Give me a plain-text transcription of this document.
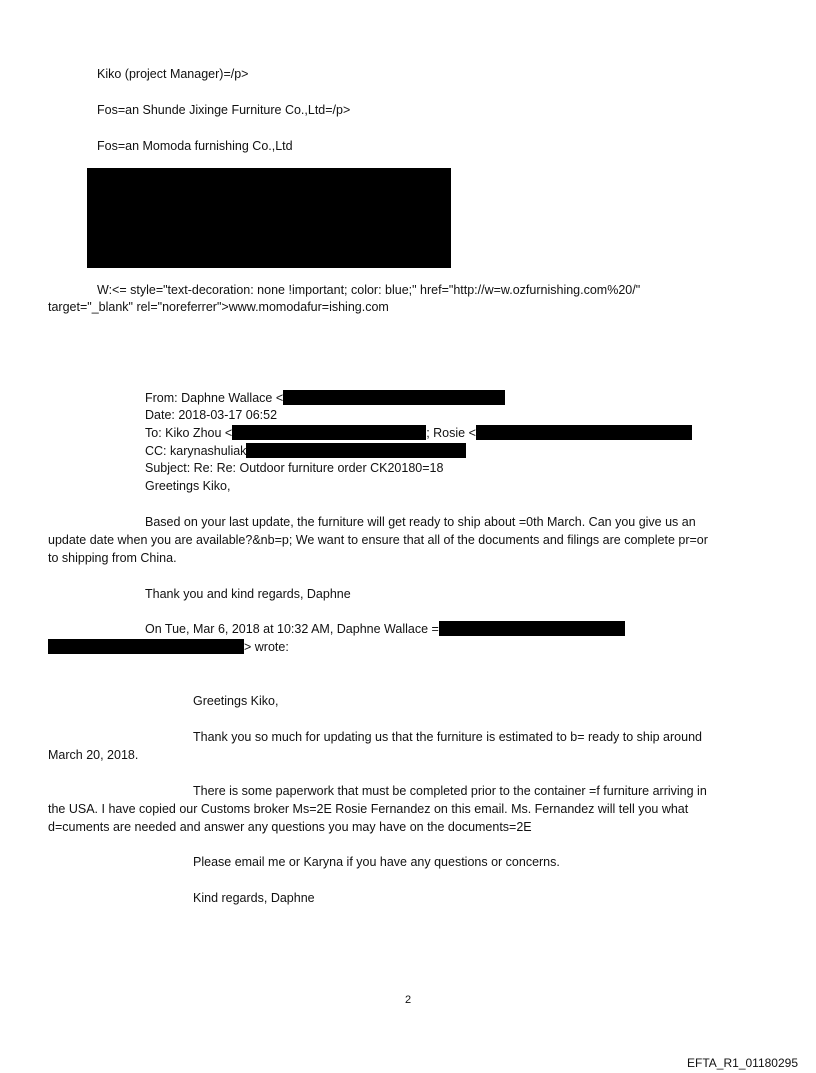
Kiko (project Manager)=/p>
Fos=an Shunde Jixinge Furniture Co.,Ltd=/p>
Fos=an Momoda furnishing Co.,Ltd
W:<= style="text-decoration: none !important; color: blue;" href="http://w=w.ozfurnishing.com%20/"
target="_blank" rel="noreferrer">www.momodafur=ishing.com
From: Daphne Wallace <
Date: 2018-03-17 06:52
To: Kiko Zhou <	; Rosie <
CC: karynashuliak
Subject: Re: Re: Outdoor furniture order CK20180=18
Greetings Kiko,
Based on your last update, the furniture will get ready to ship about =0th March. Can you give us an
update date when you are available?&nb=p; We want to ensure that all of the documents and filings are complete pr=or
to shipping from China.
Thank you and kind regards, Daphne
On Tue, Mar 6, 2018 at 10:32 AM, Daphne Wallace =
> wrote:
Greetings Kiko,
Thank you so much for updating us that the furniture is estimated to b= ready to ship around
March 20, 2018.
There is some paperwork that must be completed prior to the container =f furniture arriving in
the USA. I have copied our Customs broker Ms=2E Rosie Fernandez on this email. Ms. Fernandez will tell you what
d=cuments are needed and answer any questions you may have on the documents=2E
Please email me or Karyna if you have any questions or concerns.
Kind regards, Daphne
2
EFTA_R1_01180295
